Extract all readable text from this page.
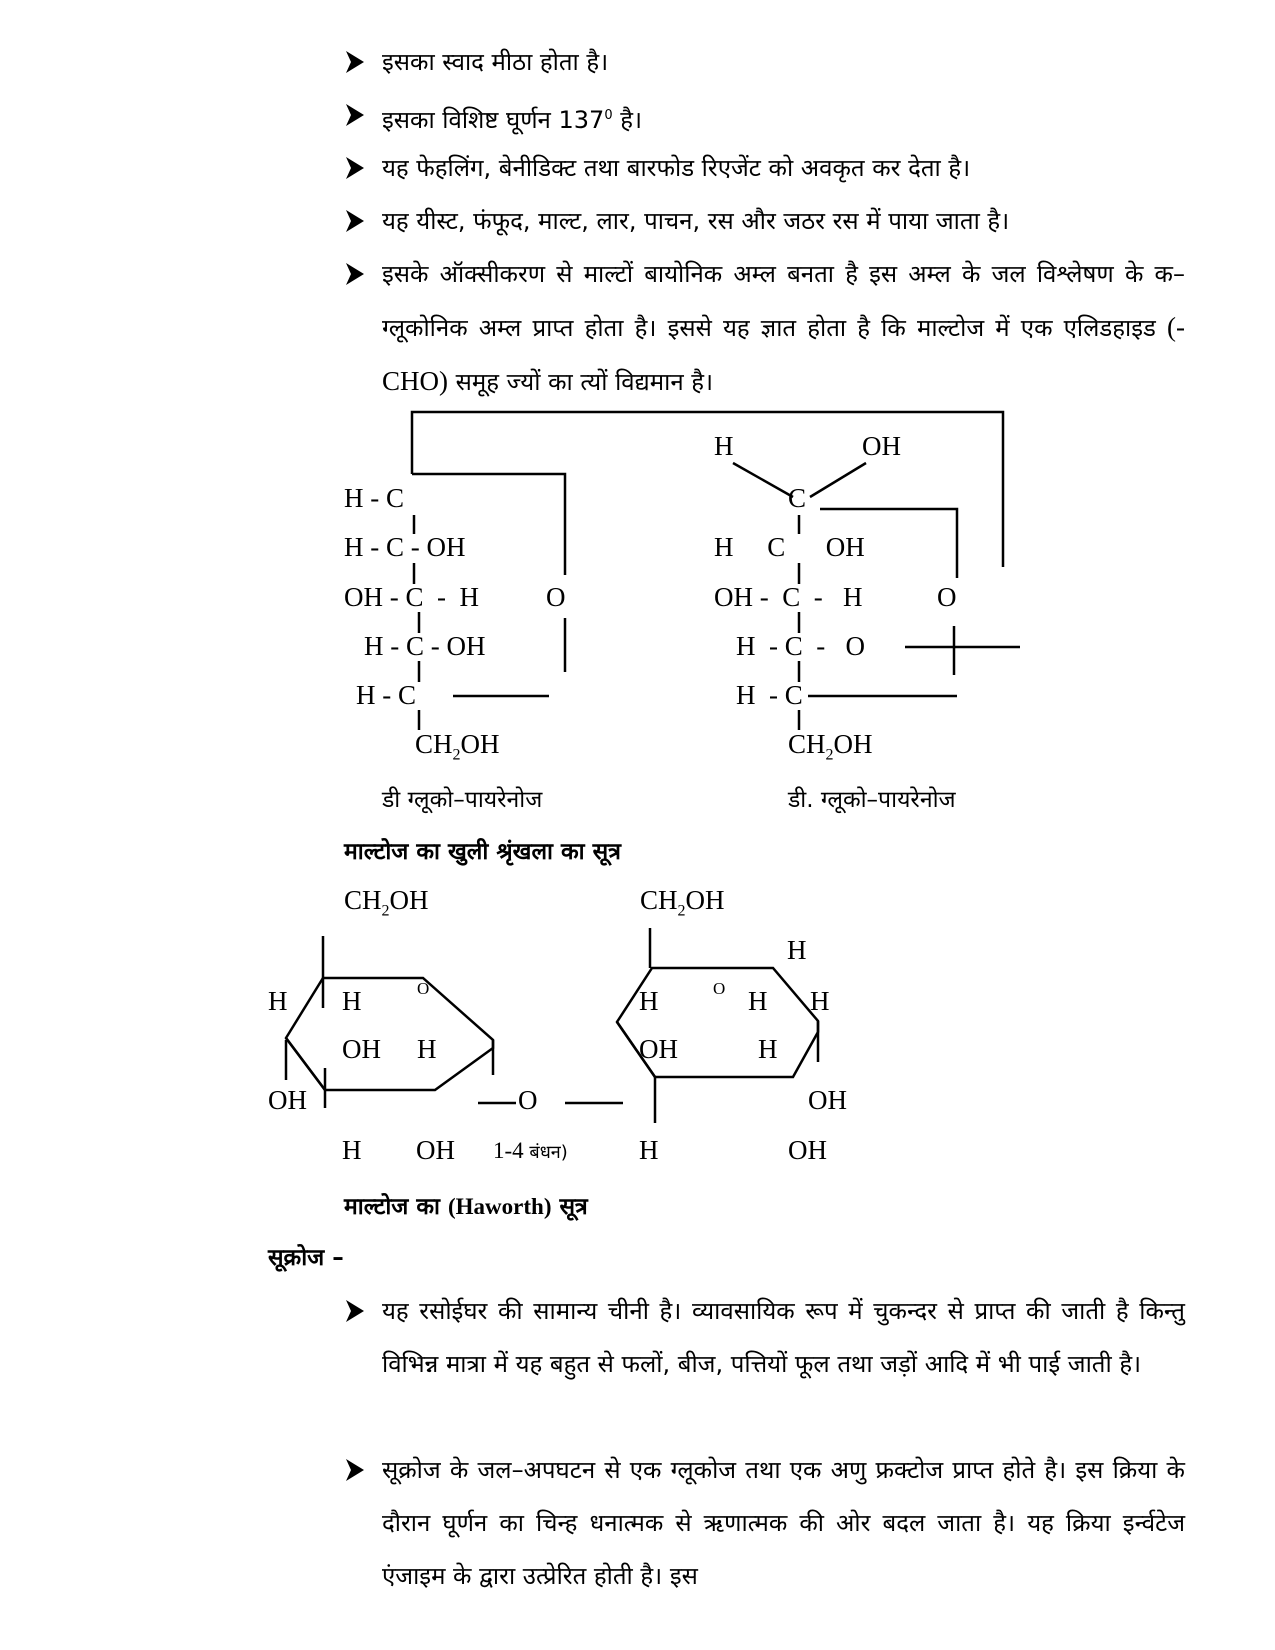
इसका स्वाद मीठा होता है।
इसका विशिष्ट घूर्णन $137^0$ है।
यह फेहलिंग, बेनीडिक्ट तथा बारफोड रिएजेंट को अवकृत कर देता है।
यह यीस्ट, फंफूद, माल्ट, लार, पाचन, रस और जठर रस में पाया जाता है।
इसके ऑक्सीकरण से माल्टों बायोनिक अम्ल बनता है इस अम्ल के जल विश्लेषण के क–ग्लूकोनिक अम्ल प्राप्त होता है। इससे यह ज्ञात होता है कि माल्टोज में एक एलिडहाइड (-CHO) समूह ज्यों का त्यों विद्यमान है।
H - C
H - C - OH
OH - C  -  H
H - C - OH
H - C
$CH_2OH$
O
डी ग्लूको–पायरेनोज
H	OH
C
H     C      OH
OH -  C  -   H
H  - C  -   O
H  - C
$CH_2OH$
O
डी. ग्लूको–पायरेनोज
माल्टोज का खुली श्रृंखला का सूत्र
$CH_2OH$
H H	O
OH H
OH
H OH
O
1-4 बंधन)
$CH_2OH$
H
H	O H H
OH	H
OH
H	OH
माल्टोज का (Haworth) सूत्र
सूक्रोज –
यह रसोईघर की सामान्य चीनी है। व्यावसायिक रूप में चुकन्दर से प्राप्त की जाती है किन्तु विभिन्न मात्रा में यह बहुत से फलों, बीज, पत्तियों फूल तथा जड़ों आदि में भी पाई जाती है।
सूक्रोज के जल–अपघटन से एक ग्लूकोज तथा एक अणु फ्रक्टोज प्राप्त होते है। इस क्रिया के दौरान घूर्णन का चिन्ह धनात्मक से ऋणात्मक की ओर बदल जाता है। यह क्रिया इर्न्वटेज एंजाइम के द्वारा उत्प्रेरित होती है। इस
